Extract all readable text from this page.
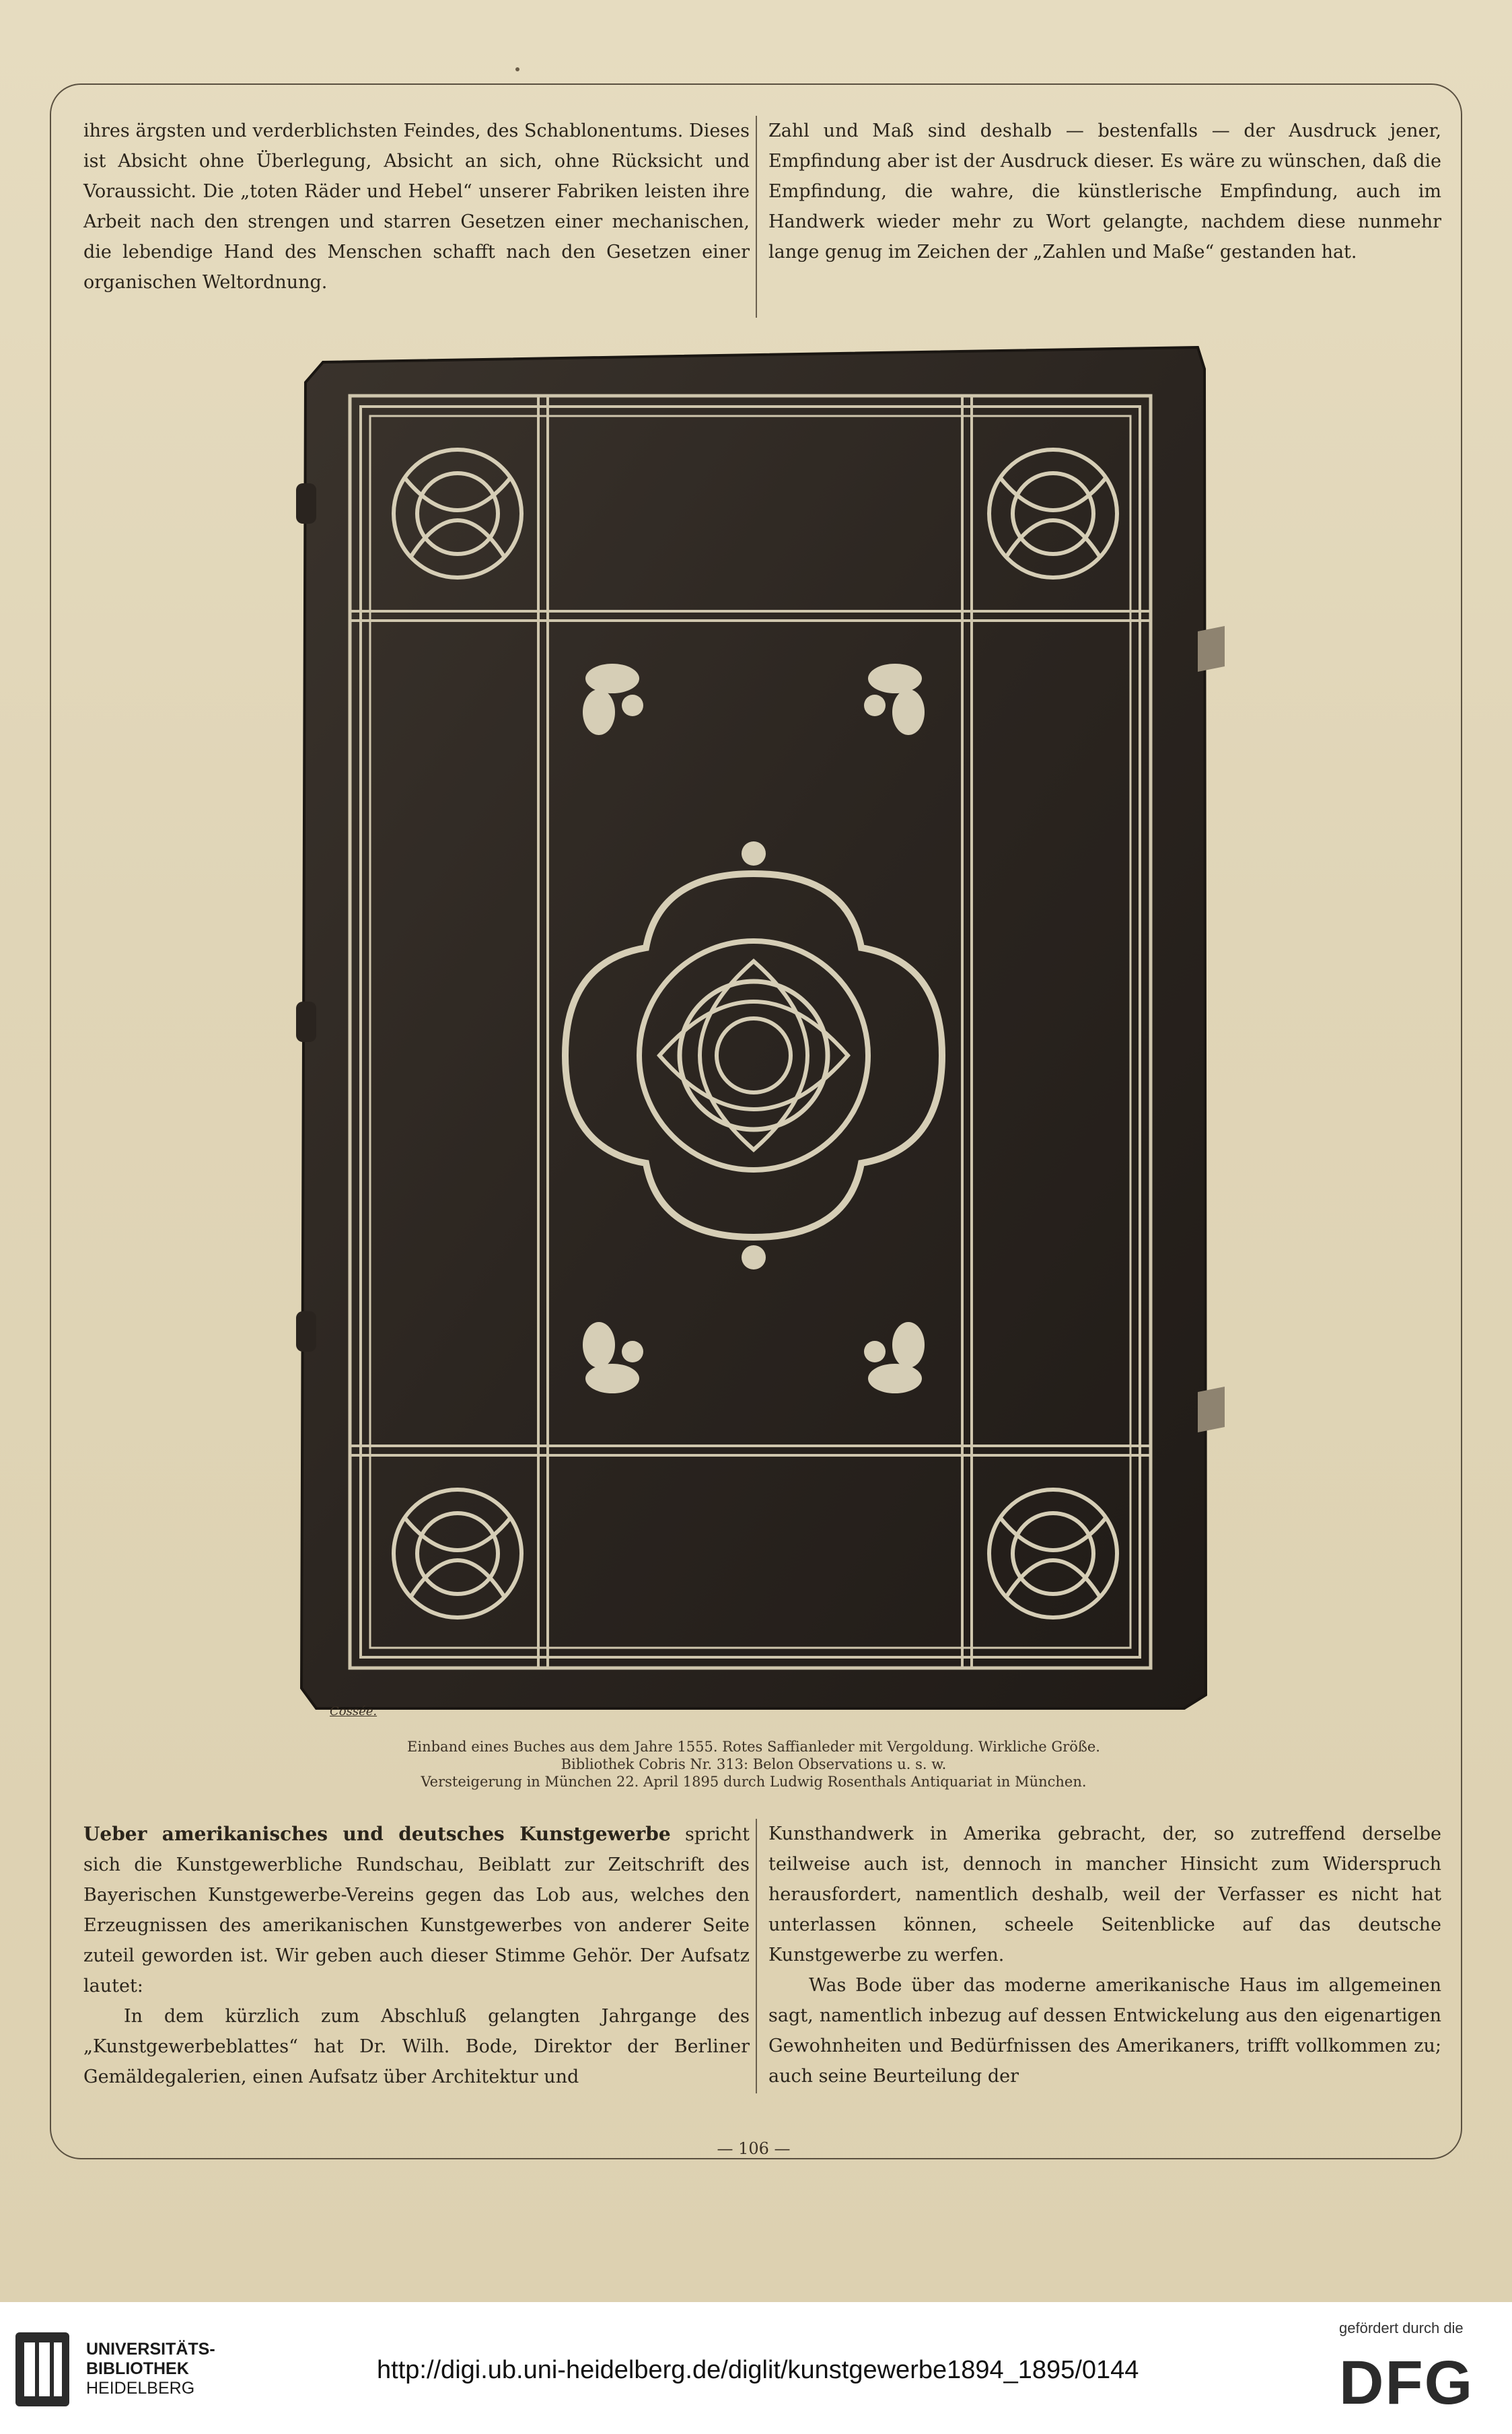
ihres ärgsten und verderblichsten Feindes, des Schablonentums. Dieses ist Absicht ohne Überlegung, Absicht an sich, ohne Rücksicht und Voraussicht. Die „toten Räder und Hebel“ unserer Fabriken leisten ihre Arbeit nach den strengen und starren Gesetzen einer mechanischen, die lebendige Hand des Menschen schafft nach den Gesetzen einer organischen Weltordnung.

Zahl und Maß sind deshalb — bestenfalls — der Ausdruck jener, Empfindung aber ist der Ausdruck dieser. Es wäre zu wünschen, daß die Empfindung, die wahre, die künstlerische Empfindung, auch im Handwerk wieder mehr zu Wort gelangte, nachdem diese nunmehr lange genug im Zeichen der „Zahlen und Maße“ gestanden hat.

Cossée.
Einband eines Buches aus dem Jahre 1555. Rotes Saffianleder mit Vergoldung. Wirkliche Größe.
Bibliothek Cobris Nr. 313: Belon Observations u. s. w.
Versteigerung in München 22. April 1895 durch Ludwig Rosenthals Antiquariat in München.

Ueber amerikanisches und deutsches Kunstgewerbe spricht sich die Kunstgewerbliche Rundschau, Beiblatt zur Zeitschrift des Bayerischen Kunstgewerbe-Vereins gegen das Lob aus, welches den Erzeugnissen des amerikanischen Kunstgewerbes von anderer Seite zuteil geworden ist. Wir geben auch dieser Stimme Gehör. Der Aufsatz lautet:

In dem kürzlich zum Abschluß gelangten Jahrgange des „Kunstgewerbeblattes“ hat Dr. Wilh. Bode, Direktor der Berliner Gemäldegalerien, einen Aufsatz über Architektur und

Kunsthandwerk in Amerika gebracht, der, so zutreffend derselbe teilweise auch ist, dennoch in mancher Hinsicht zum Widerspruch herausfordert, namentlich deshalb, weil der Verfasser es nicht hat unterlassen können, scheele Seitenblicke auf das deutsche Kunstgewerbe zu werfen.

Was Bode über das moderne amerikanische Haus im allgemeinen sagt, namentlich inbezug auf dessen Entwickelung aus den eigenartigen Gewohnheiten und Bedürfnissen des Amerikaners, trifft vollkommen zu; auch seine Beurteilung der

— 106 —
UNIVERSITÄTS-
BIBLIOTHEK
HEIDELBERG
http://digi.ub.uni-heidelberg.de/diglit/kunstgewerbe1894_1895/0144
gefördert durch die
DFG
